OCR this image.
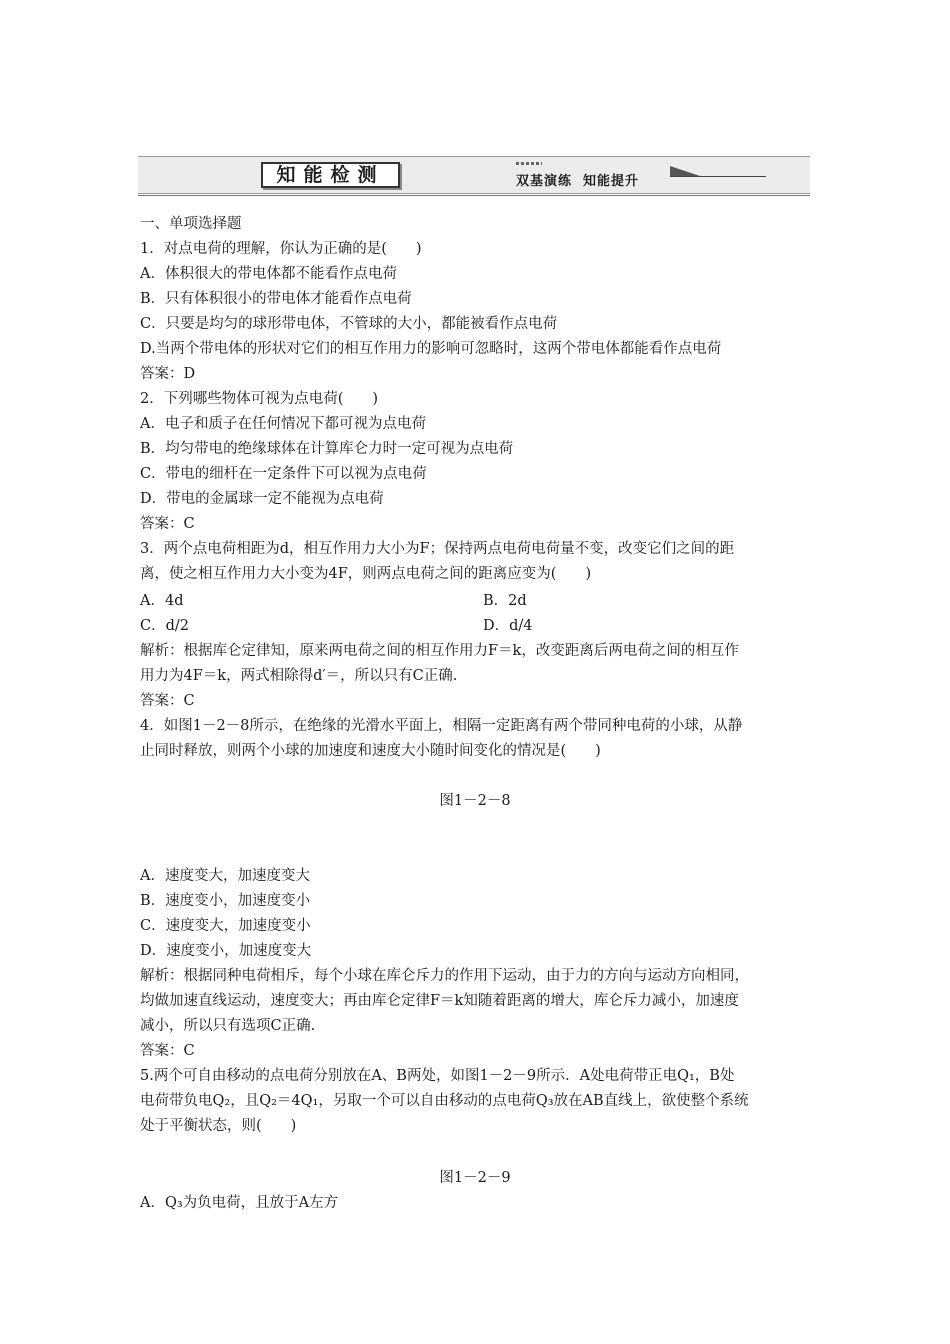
知能检测	双基演练  知能提升
一、单项选择题
1．对点电荷的理解，你认为正确的是(　　)
A．体积很大的带电体都不能看作点电荷
B．只有体积很小的带电体才能看作点电荷
C．只要是均匀的球形带电体，不管球的大小，都能被看作点电荷
D.当两个带电体的形状对它们的相互作用力的影响可忽略时，这两个带电体都能看作点电荷
答案：D
2．下列哪些物体可视为点电荷(　　)
A．电子和质子在任何情况下都可视为点电荷
B．均匀带电的绝缘球体在计算库仑力时一定可视为点电荷
C．带电的细杆在一定条件下可以视为点电荷
D．带电的金属球一定不能视为点电荷
答案：C
3．两个点电荷相距为d，相互作用力大小为F；保持两点电荷电荷量不变，改变它们之间的距
离，使之相互作用力大小变为4F，则两点电荷之间的距离应变为(　　)
A．4d
C．d/2
解析：根据库仑定律知，原来两电荷之间的相互作用力F＝k，改变距离后两电荷之间的相互作
用力为4F＝k，两式相除得d′＝，所以只有C正确.
答案：C
4．如图1－2－8所示，在绝缘的光滑水平面上，相隔一定距离有两个带同种电荷的小球，从静
止同时释放，则两个小球的加速度和速度大小随时间变化的情况是(　　)
A．速度变大，加速度变大
B．速度变小，加速度变小
C．速度变大，加速度变小
D．速度变小，加速度变大
解析：根据同种电荷相斥，每个小球在库仑斥力的作用下运动，由于力的方向与运动方向相同，
均做加速直线运动，速度变大；再由库仑定律F＝k知随着距离的增大，库仑斥力减小，加速度
减小，所以只有选项C正确.
答案：C
5.两个可自由移动的点电荷分别放在A、B两处，如图1－2－9所示．A处电荷带正电Q₁，B处
电荷带负电Q₂，且Q₂＝4Q₁，另取一个可以自由移动的点电荷Q₃放在AB直线上，欲使整个系统
处于平衡状态，则(　　)
A．Q₃为负电荷，且放于A左方
B．2d
D．d/4
图1－2－8
图1－2－9
